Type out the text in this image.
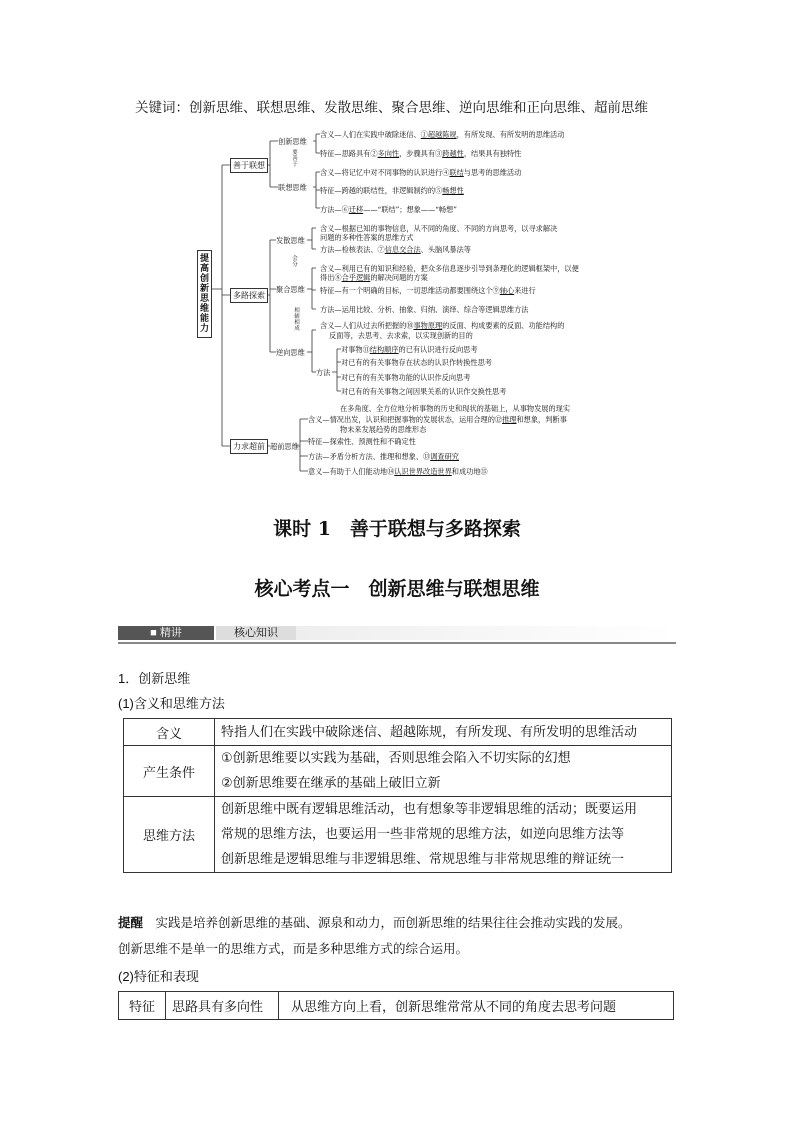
关键词：创新思维、联想思维、发散思维、聚合思维、逆向思维和正向思维、超前思维
提高创新思维能力
善于联想
多路探索
力求超前
创新思维
联想思维
发散思维
聚合思维
逆向思维
超前思维
方法
要善于
会分
相辅相成
含义—人们在实践中破除迷信、①超越陈规，有所发现、有所发明的思维活动
特征—思路具有②多向性，步骤具有③跨越性，结果具有独特性
含义—将记忆中对不同事物的认识进行④联结与思考的思维活动
特征—跨越的联结性，非逻辑制约的⑤畅想性
方法—⑥迁移——“联结”；想象——“畅想”
含义—根据已知的事物信息，从不同的角度、不同的方向思考，以寻求解决
问题的多种性答案的思维方式
方法—检核表法、⑦信息交合法、头脑风暴法等
含义—利用已有的知识和经验，把众多信息逐步引导到条理化的逻辑框架中，以便
得出⑧合乎逻辑的解决问题的方案
特征—有一个明确的目标，一切思维活动都要围绕这个⑨轴心来进行
方法—运用比较、分析、抽象、归纳、演绎、综合等逻辑思维方法
含义—人们从过去所把握的⑩事物原理的反面、构成要素的反面、功能结构的
反面等，去思考、去求索，以实现创新的目的
对事物⑪结构顺序的已有认识进行反向思考
对已有的有关事物存在状态的认识作转换性思考
对已有的有关事物功能的认识作反向思考
对已有的有关事物之间因果关系的认识作交换性思考
在多角度、全方位地分析事物的历史和现状的基础上，从事物发展的现实
含义—情况出发，认识和把握事物的发展状态，运用合理的⑫推理和想象，判断事
物未来发展趋势的思维形态
特征—探索性、预测性和不确定性
方法—矛盾分析方法、推理和想象、⑬调查研究
意义—有助于人们能动地⑭认识世界改造世界和成功地⑮
课时 1　善于联想与多路探索
核心考点一　创新思维与联想思维
■ 精讲	核心知识
1．创新思维
(1)含义和思维方法
含义	特指人们在实践中破除迷信、超越陈规，有所发现、有所发明的思维活动

产生条件	①创新思维要以实践为基础，否则思维会陷入不切实际的幻想
②创新思维要在继承的基础上破旧立新

思维方法	创新思维中既有逻辑思维活动，也有想象等非逻辑思维的活动；既要运用
常规的思维方法，也要运用一些非常规的思维方法，如逆向思维方法等
创新思维是逻辑思维与非逻辑思维、常规思维与非常规思维的辩证统一
提醒　 实践是培养创新思维的基础、源泉和动力，而创新思维的结果往往会推动实践的发展。
创新思维不是单一的思维方式，而是多种思维方式的综合运用。
(2)特征和表现
特征	思路具有多向性	从思维方向上看，创新思维常常从不同的角度去思考问题
